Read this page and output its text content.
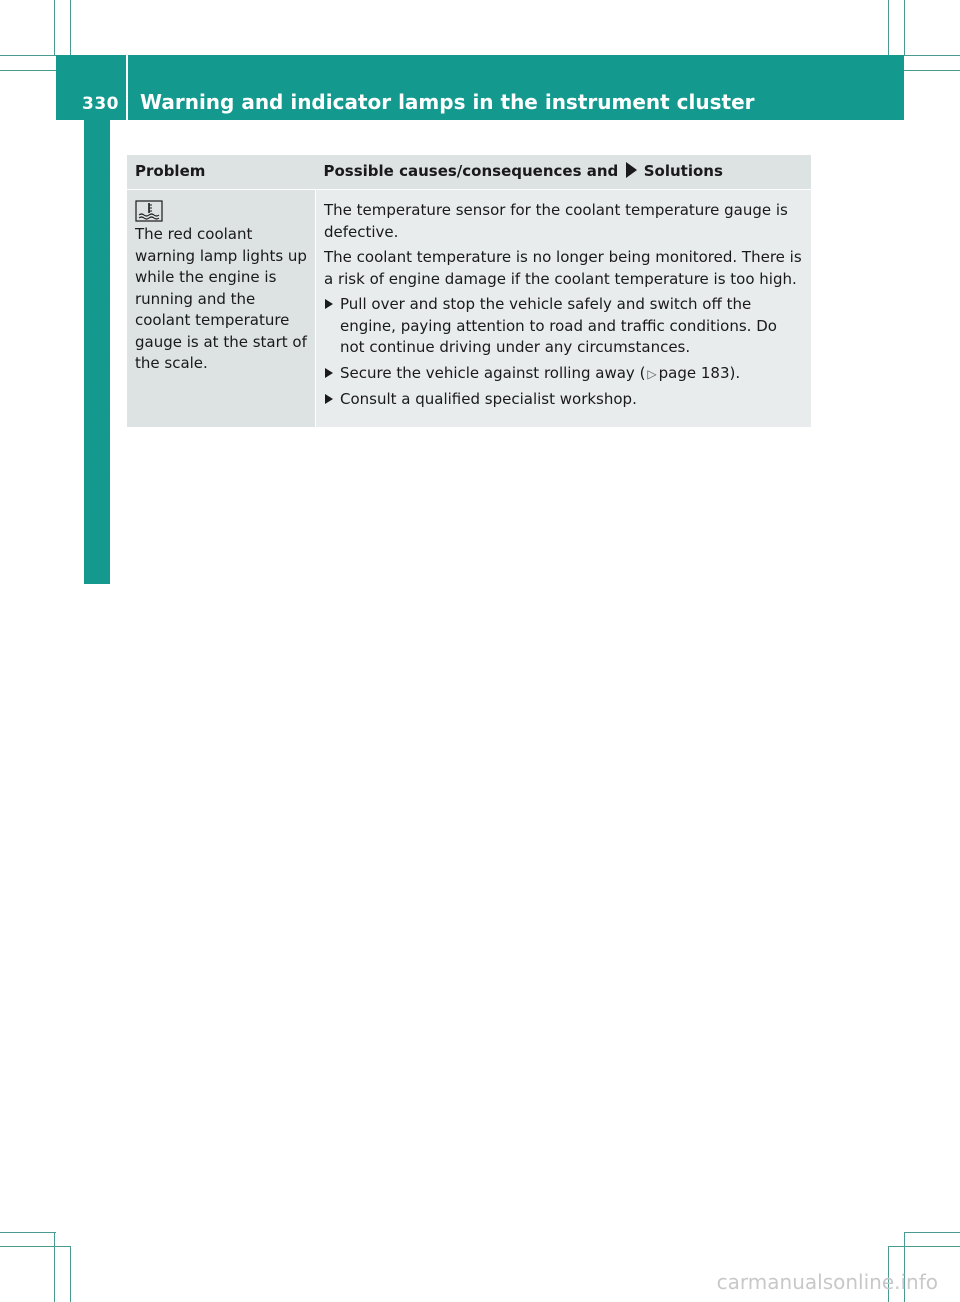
330 Warning and indicator lamps in the instrument cluster
On-board computer and displays Problem	Possible causes/consequences and Solutions

The red coolant warning lamp lights up while the engine is running and the coolant temperature gauge is at the start of the scale.	The temperature sensor for the coolant temperature gauge is defective.

The coolant temperature is no longer being monitored. There is a risk of engine damage if the coolant temperature is too high.

Pull over and stop the vehicle safely and switch off the engine, paying attention to road and traffic conditions. Do not continue driving under any circumstances.
Secure the vehicle against rolling away ( ▷ page 183).
Consult a qualified specialist workshop.
carmanualsonline.info
